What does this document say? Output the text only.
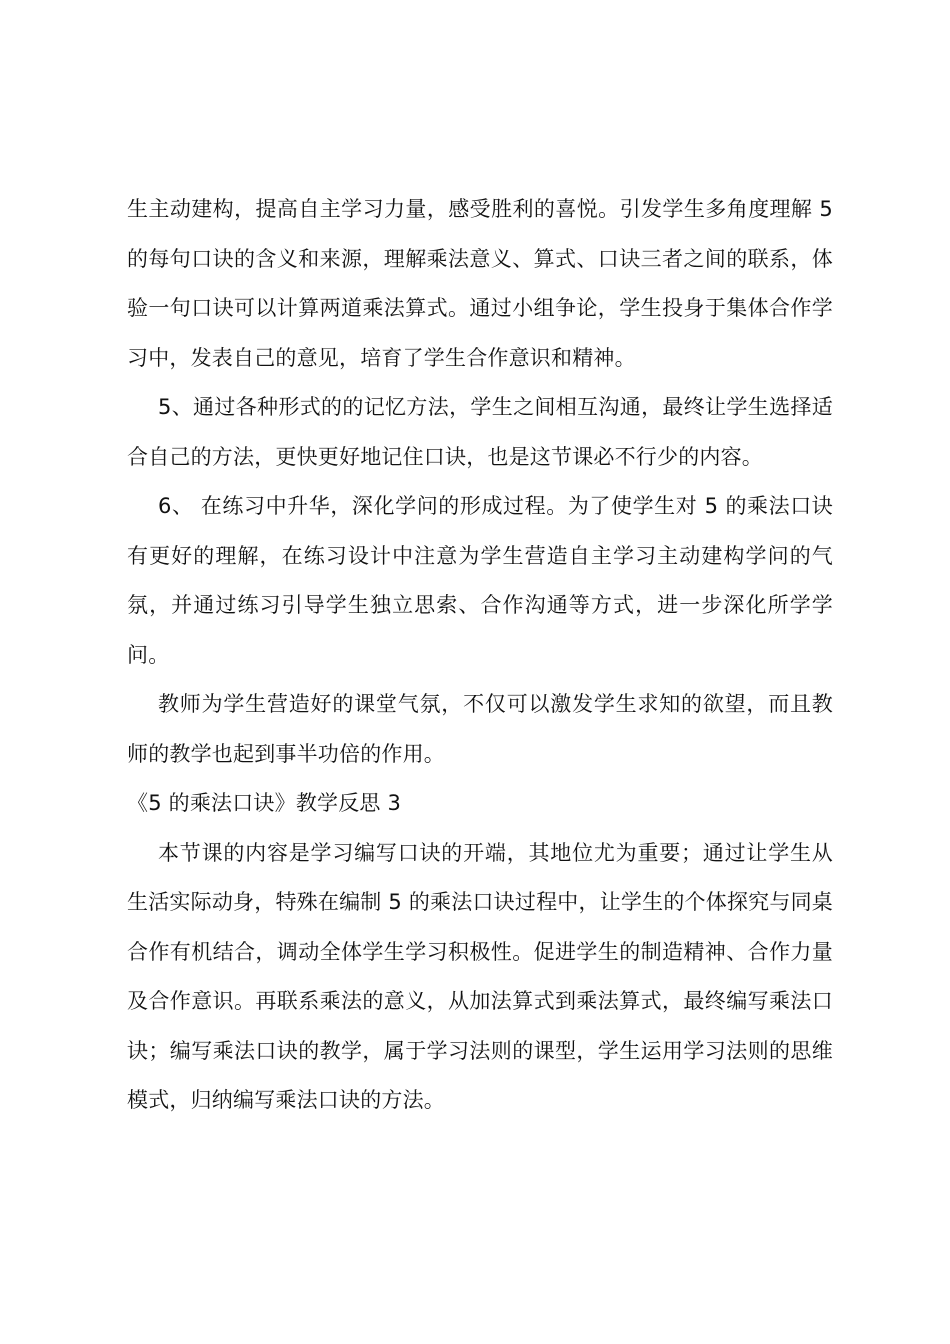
生主动建构，提高自主学习力量，感受胜利的喜悦。引发学生多角度理解 5 的每句口诀的含义和来源，理解乘法意义、算式、口诀三者之间的联系，体验一句口诀可以计算两道乘法算式。通过小组争论，学生投身于集体合作学习中，发表自己的意见，培育了学生合作意识和精神。

5、通过各种形式的的记忆方法，学生之间相互沟通，最终让学生选择适合自己的方法，更快更好地记住口诀，也是这节课必不行少的内容。

6、 在练习中升华，深化学问的形成过程。为了使学生对 5 的乘法口诀有更好的理解，在练习设计中注意为学生营造自主学习主动建构学问的气氛，并通过练习引导学生独立思索、合作沟通等方式，进一步深化所学学问。

教师为学生营造好的课堂气氛，不仅可以激发学生求知的欲望，而且教师的教学也起到事半功倍的作用。

《5 的乘法口诀》教学反思 3

本节课的内容是学习编写口诀的开端，其地位尤为重要；通过让学生从生活实际动身，特殊在编制 5 的乘法口诀过程中，让学生的个体探究与同桌合作有机结合，调动全体学生学习积极性。促进学生的制造精神、合作力量及合作意识。再联系乘法的意义，从加法算式到乘法算式，最终编写乘法口诀；编写乘法口诀的教学，属于学习法则的课型，学生运用学习法则的思维模式，归纳编写乘法口诀的方法。
